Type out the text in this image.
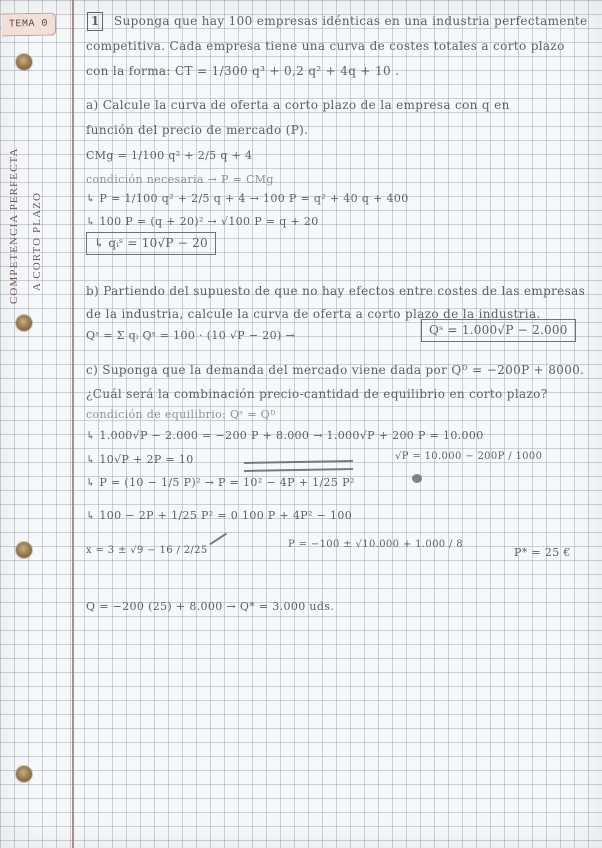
TEMA 0
COMPETENCIA PERFECTA A CORTO PLAZO
1	Suponga que hay 100 empresas idénticas en una industria perfectamente
competitiva. Cada empresa tiene una curva de costes totales a corto plazo
con la forma: CT = 1/300 q³ + 0,2 q² + 4q + 10 .
a) Calcule la curva de oferta a corto plazo de la empresa con q en
función del precio de mercado (P).
CMg = 1/100 q² + 2/5 q + 4
condición necesaria → P = CMg
↳ P = 1/100 q² + 2/5 q + 4 → 100 P = q² + 40 q + 400
↳ 100 P = (q + 20)² → √100 P = q + 20
↳ qᵢˢ = 10√P − 20
b) Partiendo del supuesto de que no hay efectos entre costes de las empresas
de la industria, calcule la curva de oferta a corto plazo de la industria.
Qˢ = Σ qᵢ Qˢ = 100 · (10 √P − 20) →	Qˢ = 1.000√P − 2.000
c) Suponga que la demanda del mercado viene dada por Qᴰ = −200P + 8000.
¿Cuál será la combinación precio-cantidad de equilibrio en corto plazo?
condición de equilibrio: Qˢ = Qᴰ
↳ 1.000√P − 2.000 = −200 P + 8.000 → 1.000√P + 200 P = 10.000
↳ 10√P + 2P = 10	√P = 10.000 − 200P / 1000
↳ P = (10 − 1/5 P)² → P = 10² − 4P + 1/25 P²
↳ 100 − 2P + 1/25 P² = 0 100 P + 4P² − 100
x = 3 ± √9 − 16 / 2/25
P = −100 ± √10.000 + 1.000 / 8
P* = 25 €
Q = −200 (25) + 8.000 → Q* = 3.000 uds.
